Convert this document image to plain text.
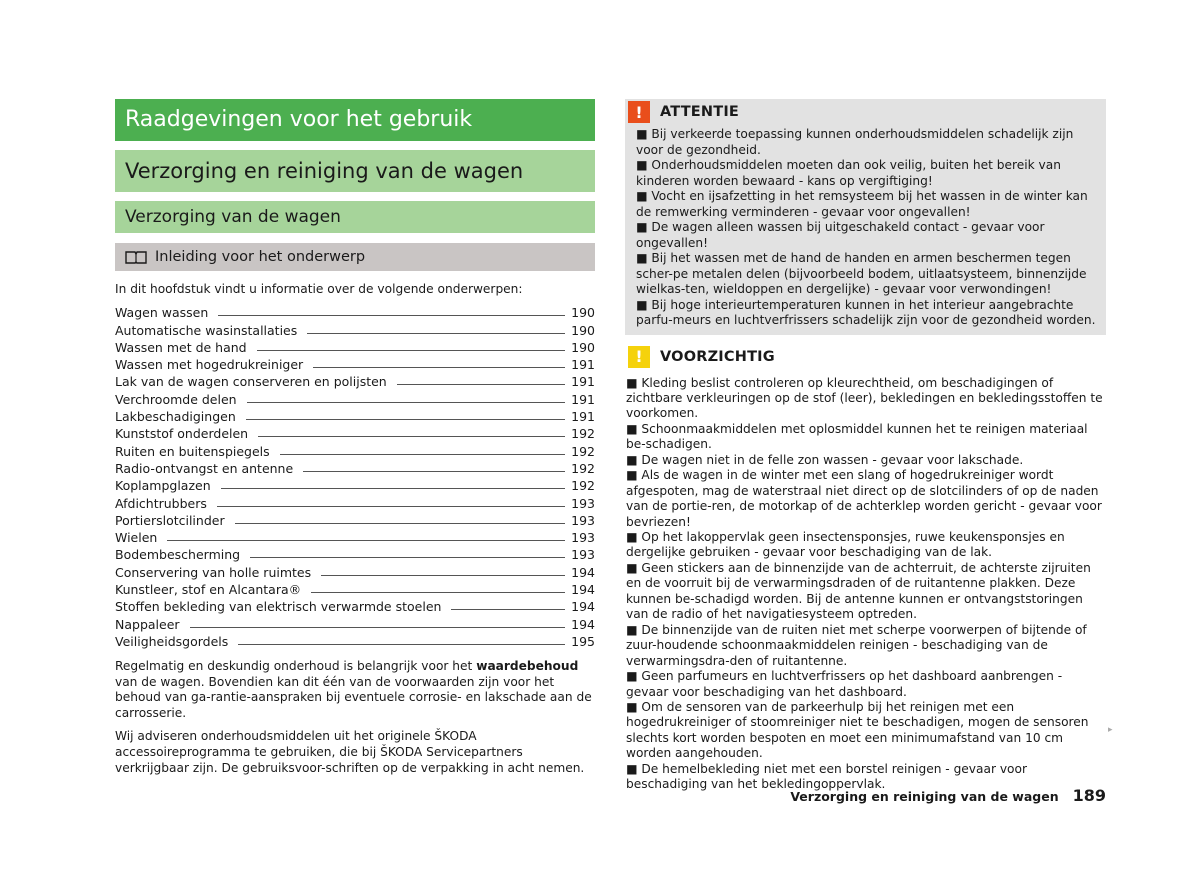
Raadgevingen voor het gebruik
Verzorging en reiniging van de wagen
Verzorging van de wagen
Inleiding voor het onderwerp
In dit hoofdstuk vindt u informatie over de volgende onderwerpen:
Wagen wassen	190
Automatische wasinstallaties	190
Wassen met de hand	190
Wassen met hogedrukreiniger	191
Lak van de wagen conserveren en polijsten	191
Verchroomde delen	191
Lakbeschadigingen	191
Kunststof onderdelen	192
Ruiten en buitenspiegels	192
Radio-ontvangst en antenne	192
Koplampglazen	192
Afdichtrubbers	193
Portierslotcilinder	193
Wielen	193
Bodembescherming	193
Conservering van holle ruimtes	194
Kunstleer, stof en Alcantara®	194
Stoffen bekleding van elektrisch verwarmde stoelen	194
Nappaleer	194
Veiligheidsgordels	195
Regelmatig en deskundig onderhoud is belangrijk voor het waardebehoud van de wagen. Bovendien kan dit één van de voorwaarden zijn voor het behoud van ga-rantie-aanspraken bij eventuele corrosie- en lakschade aan de carrosserie.
Wij adviseren onderhoudsmiddelen uit het originele ŠKODA accessoireprogramma te gebruiken, die bij ŠKODA Servicepartners verkrijgbaar zijn. De gebruiksvoor-schriften op de verpakking in acht nemen.
!	ATTENTIE
■ Bij verkeerde toepassing kunnen onderhoudsmiddelen schadelijk zijn voor de gezondheid.
■ Onderhoudsmiddelen moeten dan ook veilig, buiten het bereik van kinderen worden bewaard - kans op vergiftiging!
■ Vocht en ijsafzetting in het remsysteem bij het wassen in de winter kan de remwerking verminderen - gevaar voor ongevallen!
■ De wagen alleen wassen bij uitgeschakeld contact - gevaar voor ongevallen!
■ Bij het wassen met de hand de handen en armen beschermen tegen scher-pe metalen delen (bijvoorbeeld bodem, uitlaatsysteem, binnenzijde wielkas-ten, wieldoppen en dergelijke) - gevaar voor verwondingen!
■ Bij hoge interieurtemperaturen kunnen in het interieur aangebrachte parfu-meurs en luchtverfrissers schadelijk zijn voor de gezondheid worden.
!	VOORZICHTIG
■ Kleding beslist controleren op kleurechtheid, om beschadigingen of zichtbare verkleuringen op de stof (leer), bekledingen en bekledingsstoffen te voorkomen.
■ Schoonmaakmiddelen met oplosmiddel kunnen het te reinigen materiaal be-schadigen.
■ De wagen niet in de felle zon wassen - gevaar voor lakschade.
■ Als de wagen in de winter met een slang of hogedrukreiniger wordt afgespoten, mag de waterstraal niet direct op de slotcilinders of op de naden van de portie-ren, de motorkap of de achterklep worden gericht - gevaar voor bevriezen!
■ Op het lakoppervlak geen insectensponsjes, ruwe keukensponsjes en dergelijke gebruiken - gevaar voor beschadiging van de lak.
■ Geen stickers aan de binnenzijde van de achterruit, de achterste zijruiten en de voorruit bij de verwarmingsdraden of de ruitantenne plakken. Deze kunnen be-schadigd worden. Bij de antenne kunnen er ontvangststoringen van de radio of het navigatiesysteem optreden.
■ De binnenzijde van de ruiten niet met scherpe voorwerpen of bijtende of zuur-houdende schoonmaakmiddelen reinigen - beschadiging van de verwarmingsdra-den of ruitantenne.
■ Geen parfumeurs en luchtverfrissers op het dashboard aanbrengen - gevaar voor beschadiging van het dashboard.
■ Om de sensoren van de parkeerhulp bij het reinigen met een hogedrukreiniger of stoomreiniger niet te beschadigen, mogen de sensoren slechts kort worden bespoten en moet een minimumafstand van 10 cm worden aangehouden.
■ De hemelbekleding niet met een borstel reinigen - gevaar voor beschadiging van het bekledingoppervlak.
▸
Verzorging en reiniging van de wagen 189
